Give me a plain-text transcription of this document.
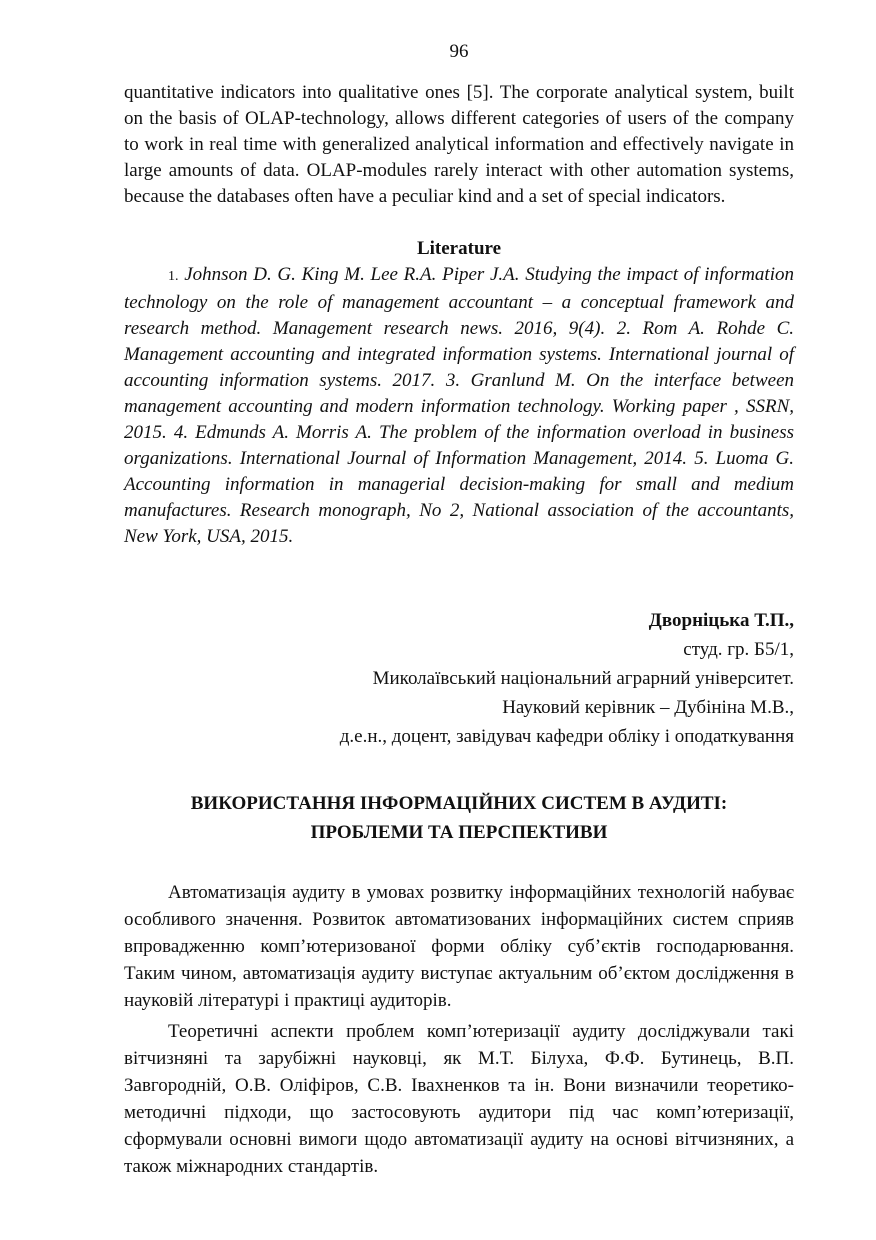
96

quantitative indicators into qualitative ones [5]. The corporate analytical system, built on the basis of OLAP-technology, allows different categories of users of the company to work in real time with generalized analytical information and effectively navigate in large amounts of data. OLAP-modules rarely interact with other automation systems, because the databases often have a peculiar kind and a set of special indicators.

Literature

1. Johnson D. G. King M. Lee R.A. Piper J.A. Studying the impact of information technology on the role of management accountant – a conceptual framework and research method. Management research news. 2016, 9(4). 2. Rom A. Rohde C. Management accounting and integrated information systems. International journal of accounting information systems. 2017. 3. Granlund M. On the interface between management accounting and modern information technology. Working paper , SSRN, 2015. 4. Edmunds A. Morris A. The problem of the information overload in business organizations. International Journal of Information Management, 2014. 5. Luoma G. Accounting information in managerial decision-making for small and medium manufactures. Research monograph, No 2, National association of the accountants, New York, USA, 2015.

Дворніцька Т.П.,
студ. гр. Б5/1,
Миколаївський національний аграрний університет.
Науковий керівник – Дубініна М.В.,
д.е.н., доцент, завідувач кафедри обліку і оподаткування
ВИКОРИСТАННЯ ІНФОРМАЦІЙНИХ СИСТЕМ В АУДИТІ:
ПРОБЛЕМИ ТА ПЕРСПЕКТИВИ

Автоматизація аудиту в умовах розвитку інформаційних технологій набуває особливого значення. Розвиток автоматизованих інформаційних систем сприяв впровадженню комп’ютеризованої форми обліку суб’єктів господарювання. Таким чином, автоматизація аудиту виступає актуальним об’єктом дослідження в науковій літературі і практиці аудиторів.

Теоретичні аспекти проблем комп’ютеризації аудиту досліджували такі вітчизняні та зарубіжні науковці, як М.Т. Білуха, Ф.Ф. Бутинець, В.П. Завгородній, О.В. Оліфіров, С.В. Івахненков та ін. Вони визначили теоретико-методичні підходи, що застосовують аудитори під час комп’ютеризації, сформували основні вимоги щодо автоматизації аудиту на основі вітчизняних, а також міжнародних стандартів.
